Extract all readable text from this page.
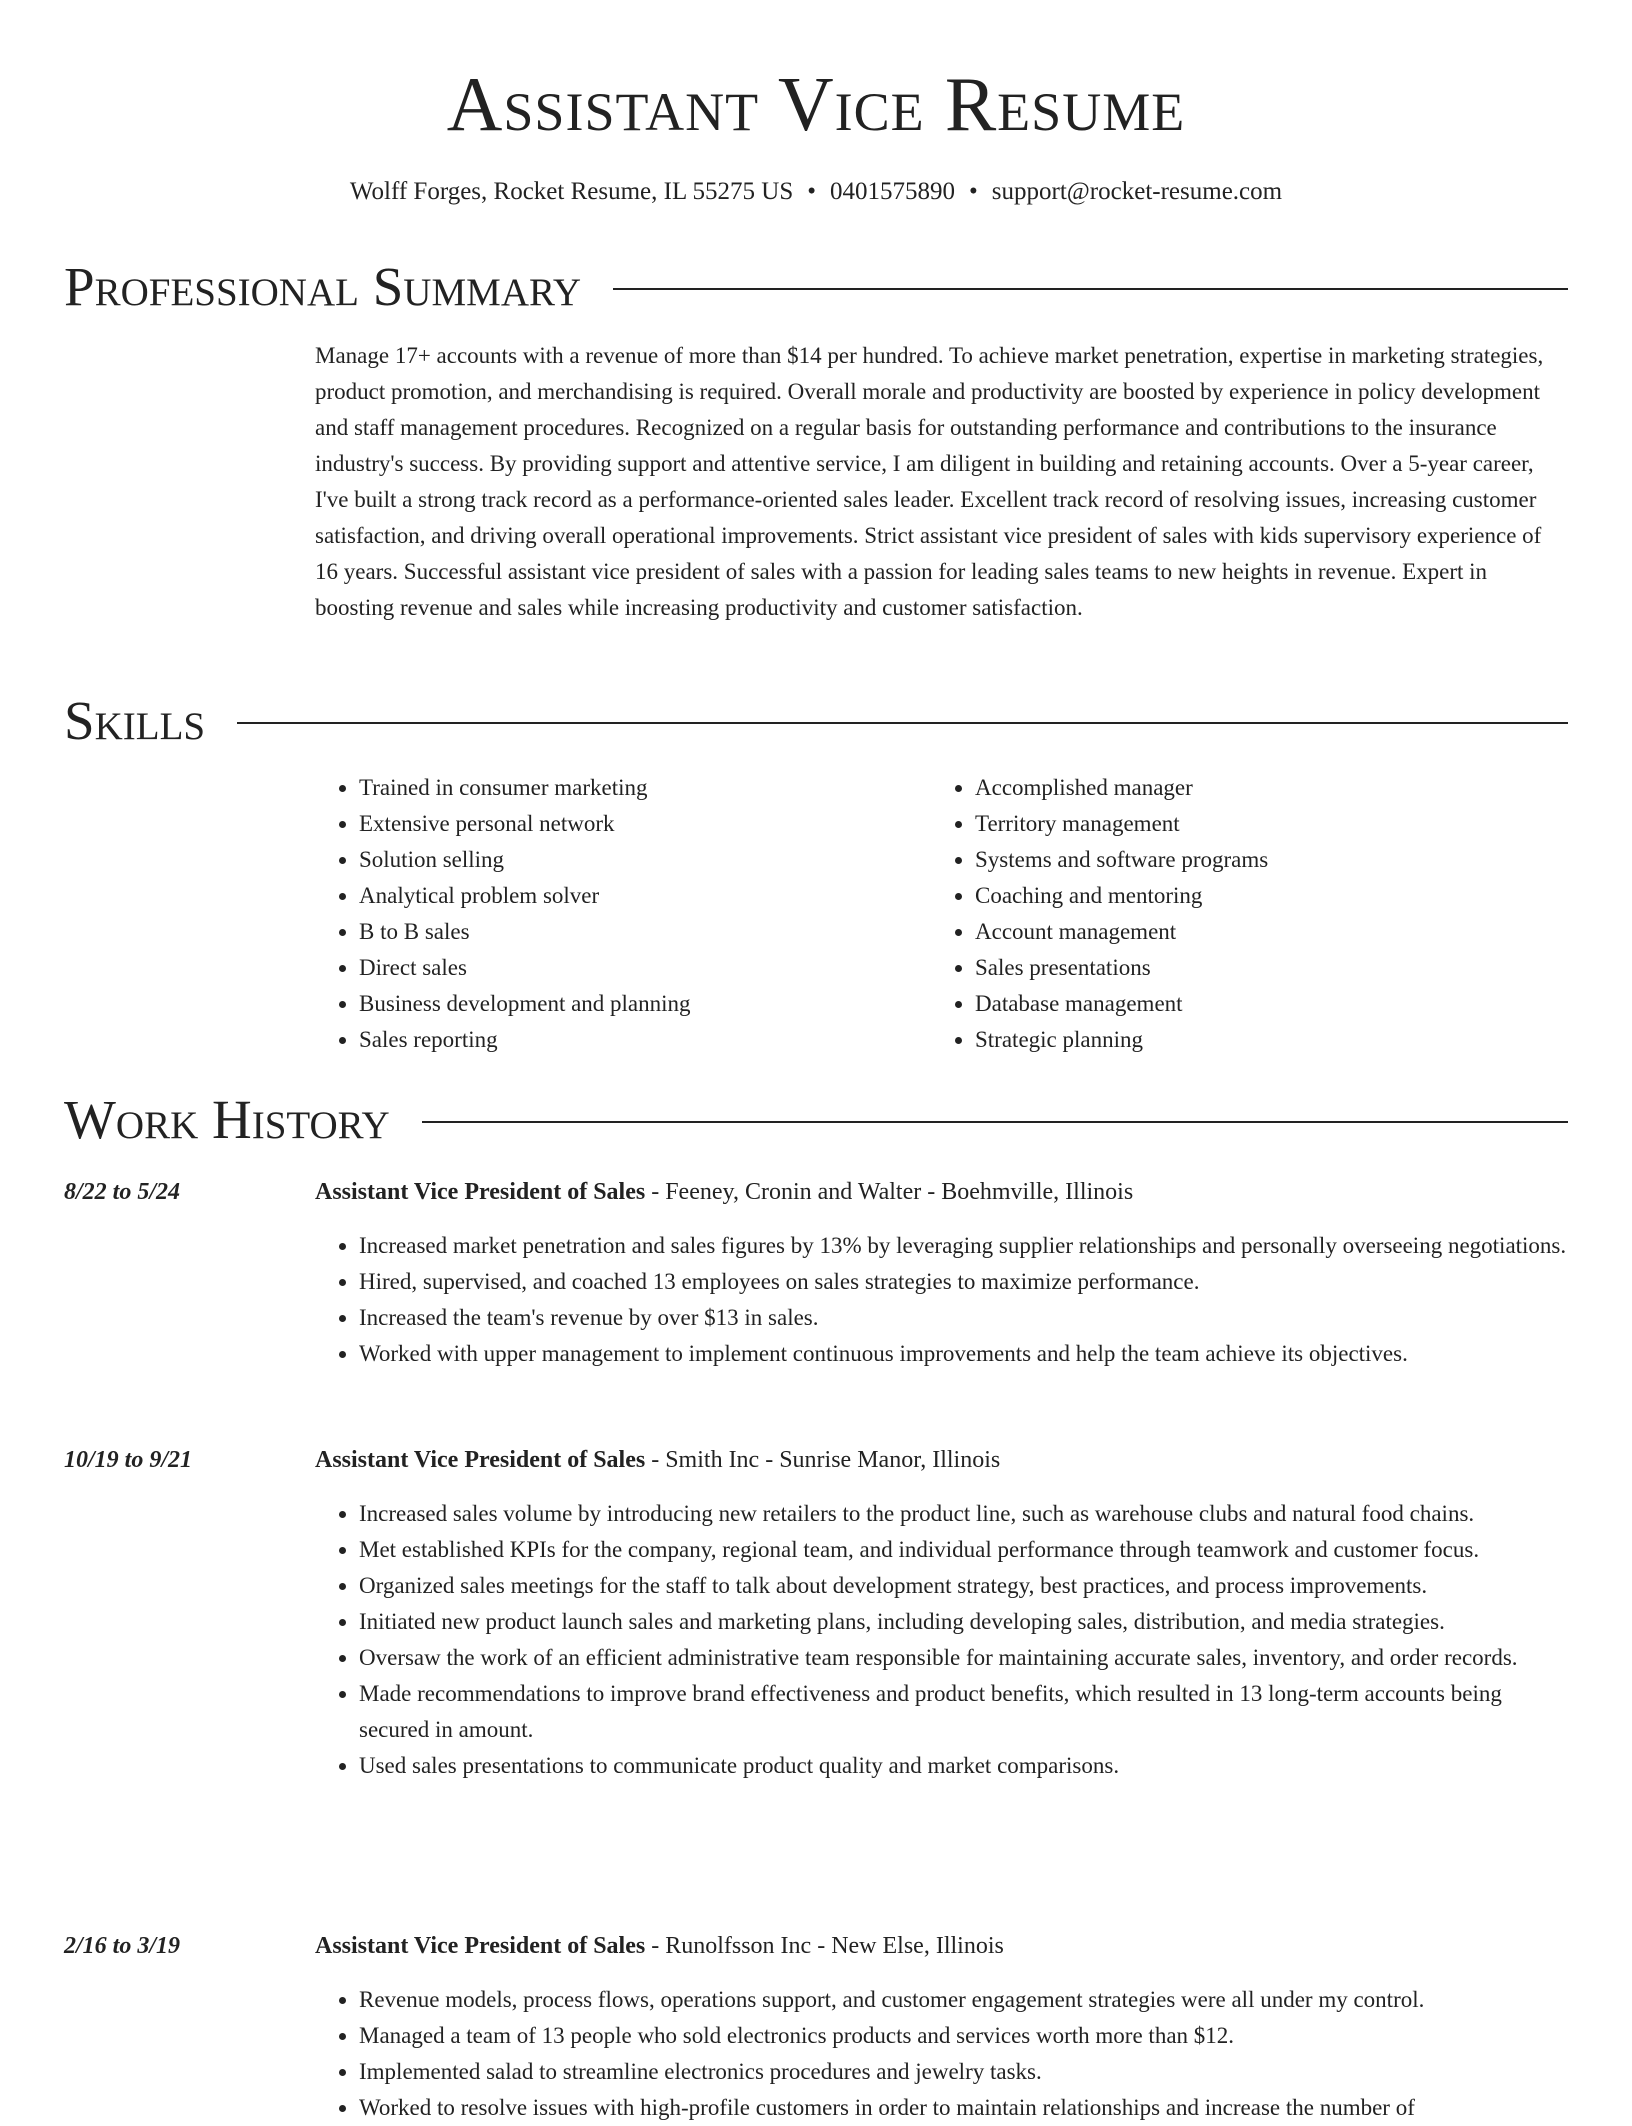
Assistant Vice Resume
Wolff Forges, Rocket Resume, IL 55275 US • 0401575890 • support@rocket-resume.com
Professional Summary
Manage 17+ accounts with a revenue of more than $14 per hundred. To achieve market penetration, expertise in marketing strategies, product promotion, and merchandising is required. Overall morale and productivity are boosted by experience in policy development and staff management procedures. Recognized on a regular basis for outstanding performance and contributions to the insurance industry's success. By providing support and attentive service, I am diligent in building and retaining accounts. Over a 5-year career, I've built a strong track record as a performance-oriented sales leader. Excellent track record of resolving issues, increasing customer satisfaction, and driving overall operational improvements. Strict assistant vice president of sales with kids supervisory experience of 16 years. Successful assistant vice president of sales with a passion for leading sales teams to new heights in revenue. Expert in boosting revenue and sales while increasing productivity and customer satisfaction.
Skills
• Trained in consumer marketing
• Extensive personal network
• Solution selling
• Analytical problem solver
• B to B sales
• Direct sales
• Business development and planning
• Sales reporting
• Accomplished manager
• Territory management
• Systems and software programs
• Coaching and mentoring
• Account management
• Sales presentations
• Database management
• Strategic planning
Work History
8/22 to 5/24	Assistant Vice President of Sales - Feeney, Cronin and Walter - Boehmville, Illinois
• Increased market penetration and sales figures by 13% by leveraging supplier relationships and personally overseeing negotiations.
• Hired, supervised, and coached 13 employees on sales strategies to maximize performance.
• Increased the team's revenue by over $13 in sales.
• Worked with upper management to implement continuous improvements and help the team achieve its objectives.
10/19 to 9/21	Assistant Vice President of Sales - Smith Inc - Sunrise Manor, Illinois
• Increased sales volume by introducing new retailers to the product line, such as warehouse clubs and natural food chains.
• Met established KPIs for the company, regional team, and individual performance through teamwork and customer focus.
• Organized sales meetings for the staff to talk about development strategy, best practices, and process improvements.
• Initiated new product launch sales and marketing plans, including developing sales, distribution, and media strategies.
• Oversaw the work of an efficient administrative team responsible for maintaining accurate sales, inventory, and order records.
• Made recommendations to improve brand effectiveness and product benefits, which resulted in 13 long-term accounts being secured in amount.
• Used sales presentations to communicate product quality and market comparisons.
2/16 to 3/19	Assistant Vice President of Sales - Runolfsson Inc - New Else, Illinois
• Revenue models, process flows, operations support, and customer engagement strategies were all under my control.
• Managed a team of 13 people who sold electronics products and services worth more than $12.
• Implemented salad to streamline electronics procedures and jewelry tasks.
• Worked to resolve issues with high-profile customers in order to maintain relationships and increase the number of
